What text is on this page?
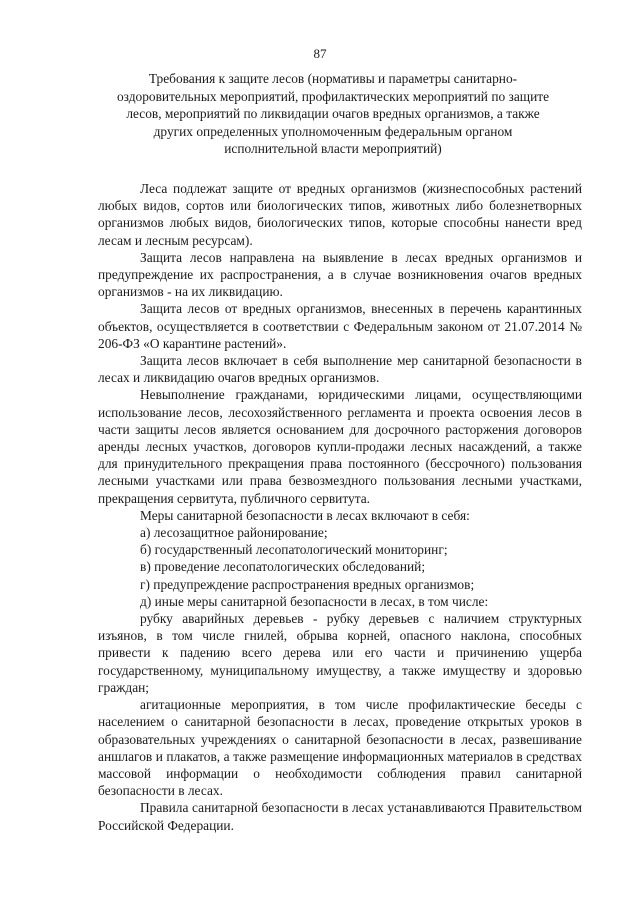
87
Требования к защите лесов (нормативы и параметры санитарно-
оздоровительных мероприятий, профилактических мероприятий по защите
лесов, мероприятий по ликвидации очагов вредных организмов, а также
других определенных уполномоченным федеральным органом
исполнительной власти мероприятий)

Леса подлежат защите от вредных организмов (жизнеспособных растений любых видов, сортов или биологических типов, животных либо болезнетворных организмов любых видов, биологических типов, которые способны нанести вред лесам и лесным ресурсам).

Защита лесов направлена на выявление в лесах вредных организмов и предупреждение их распространения, а в случае возникновения очагов вредных организмов - на их ликвидацию.

Защита лесов от вредных организмов, внесенных в перечень карантинных объектов, осуществляется в соответствии с Федеральным законом от 21.07.2014 № 206-ФЗ «О карантине растений».

Защита лесов включает в себя выполнение мер санитарной безопасности в лесах и ликвидацию очагов вредных организмов.

Невыполнение гражданами, юридическими лицами, осуществляющими использование лесов, лесохозяйственного регламента и проекта освоения лесов в части защиты лесов является основанием для досрочного расторжения договоров аренды лесных участков, договоров купли-продажи лесных насаждений, а также для принудительного прекращения права постоянного (бессрочного) пользования лесными участками или права безвозмездного пользования лесными участками, прекращения сервитута, публичного сервитута.

Меры санитарной безопасности в лесах включают в себя:

а) лесозащитное районирование;

б) государственный лесопатологический мониторинг;

в) проведение лесопатологических обследований;

г) предупреждение распространения вредных организмов;

д) иные меры санитарной безопасности в лесах, в том числе:

рубку аварийных деревьев - рубку деревьев с наличием структурных изъянов, в том числе гнилей, обрыва корней, опасного наклона, способных привести к падению всего дерева или его части и причинению ущерба государственному, муниципальному имуществу, а также имуществу и здоровью граждан;

агитационные мероприятия, в том числе профилактические беседы с населением о санитарной безопасности в лесах, проведение открытых уроков в образовательных учреждениях о санитарной безопасности в лесах, развешивание аншлагов и плакатов, а также размещение информационных материалов в средствах массовой информации о необходимости соблюдения правил санитарной безопасности в лесах.

Правила санитарной безопасности в лесах устанавливаются Правительством Российской Федерации.
